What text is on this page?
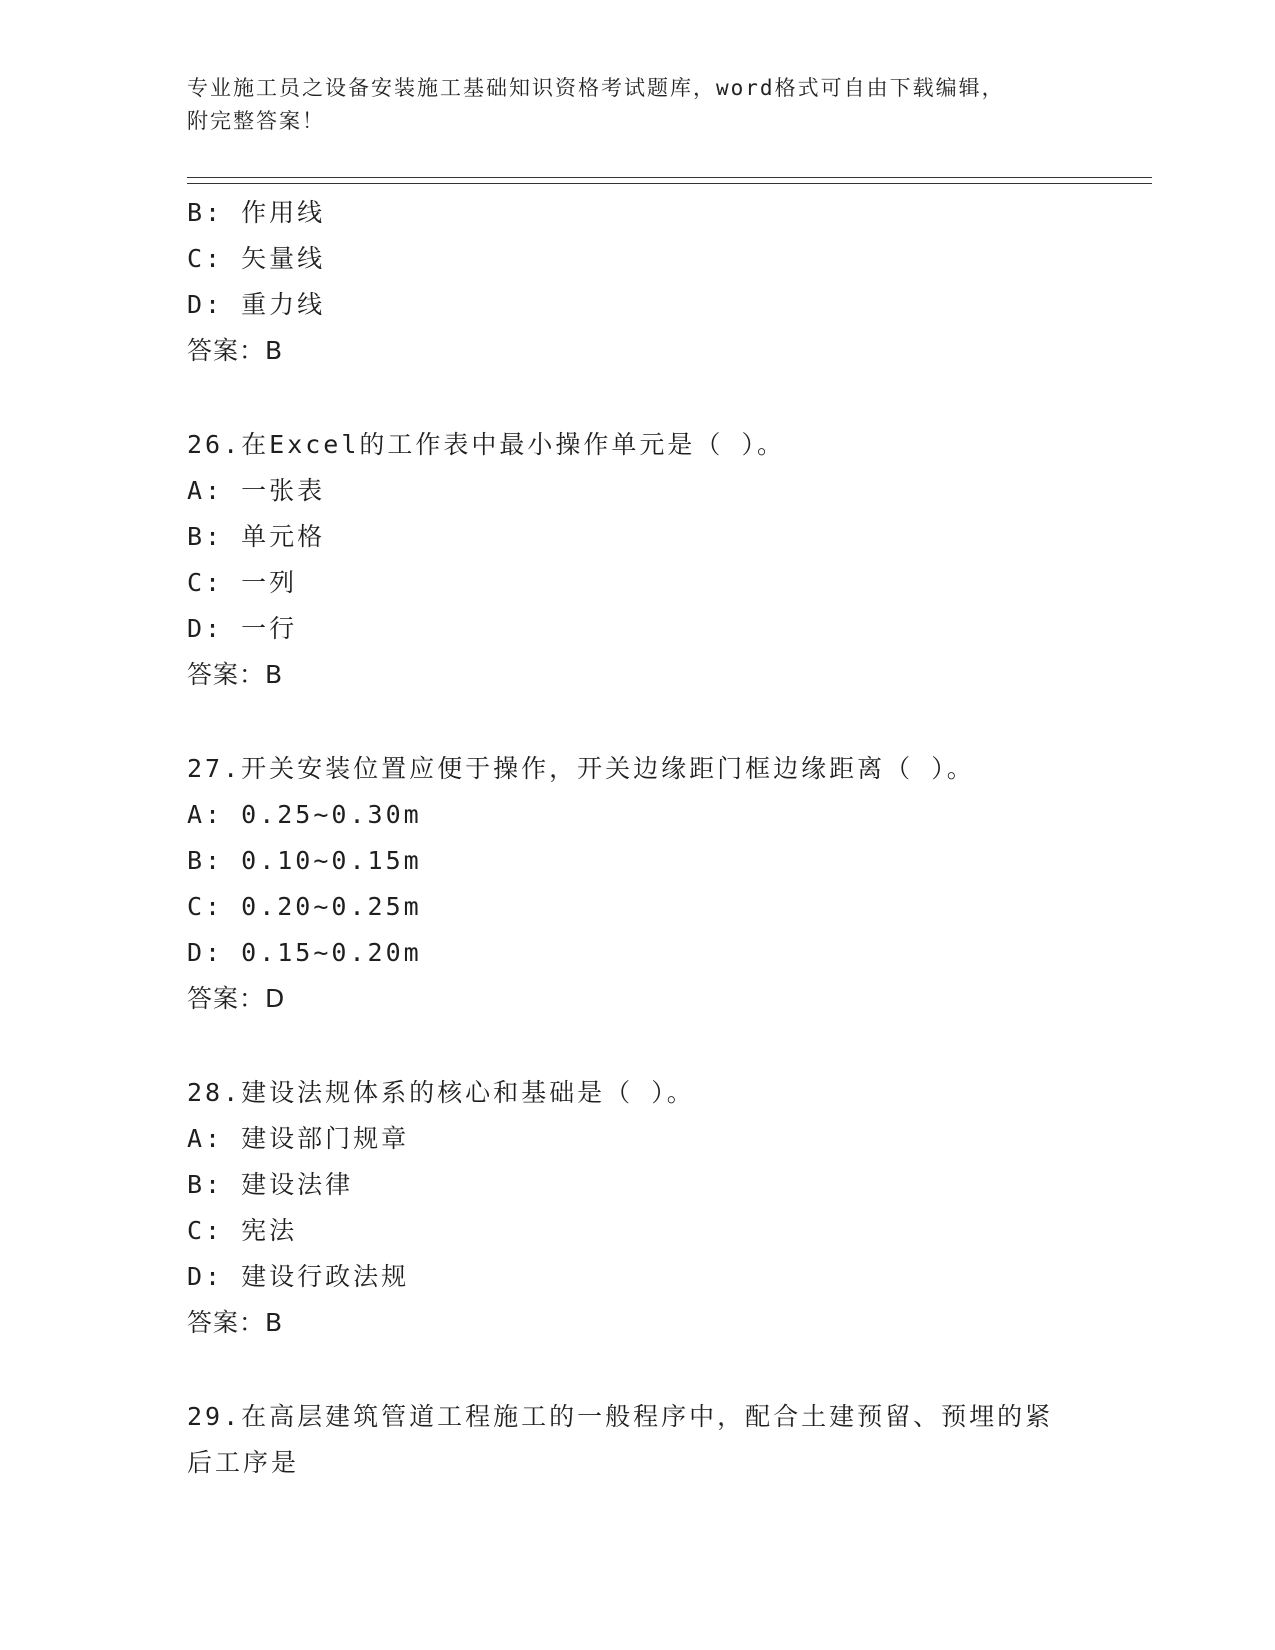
专业施工员之设备安装施工基础知识资格考试题库，word格式可自由下载编辑，
附完整答案！
B: 作用线
C: 矢量线
D: 重力线
答案：B
26.在Excel的工作表中最小操作单元是（ ）。
A: 一张表
B: 单元格
C: 一列
D: 一行
答案：B
27.开关安装位置应便于操作，开关边缘距门框边缘距离（ ）。
A: 0.25~0.30m
B: 0.10~0.15m
C: 0.20~0.25m
D: 0.15~0.20m
答案：D
28.建设法规体系的核心和基础是（ ）。
A: 建设部门规章
B: 建设法律
C: 宪法
D: 建设行政法规
答案：B
29.在高层建筑管道工程施工的一般程序中，配合土建预留、预埋的紧
后工序是
